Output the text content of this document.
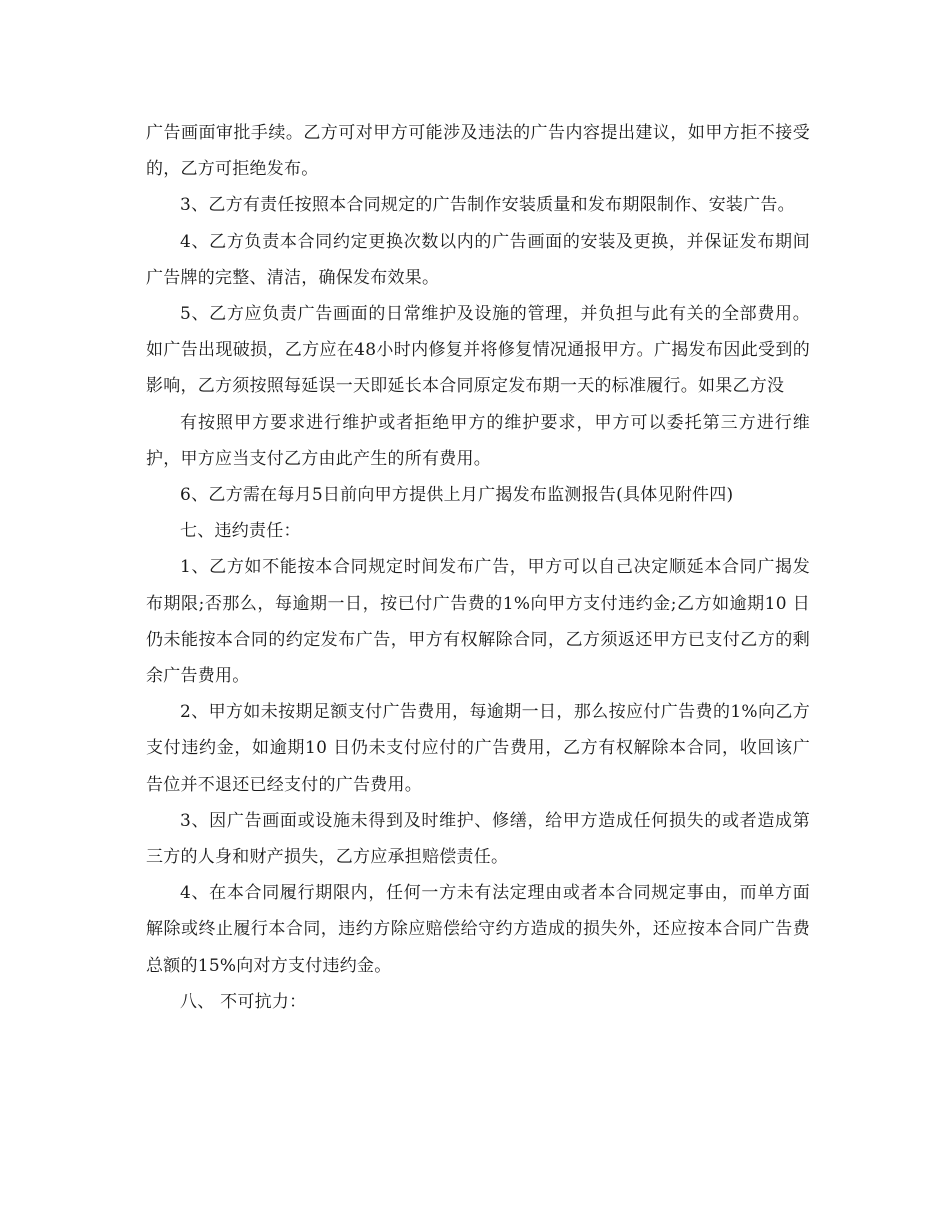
广告画面审批手续。乙方可对甲方可能涉及违法的广告内容提出建议，如甲方拒不接受的，乙方可拒绝发布。

3、乙方有责任按照本合同规定的广告制作安装质量和发布期限制作、安装广告。

4、乙方负责本合同约定更换次数以内的广告画面的安装及更换，并保证发布期间广告牌的完整、清洁，确保发布效果。

5、乙方应负责广告画面的日常维护及设施的管理，并负担与此有关的全部费用。如广告出现破损，乙方应在48小时内修复并将修复情况通报甲方。广揭发布因此受到的影响，乙方须按照每延误一天即延长本合同原定发布期一天的标准履行。如果乙方没

有按照甲方要求进行维护或者拒绝甲方的维护要求，甲方可以委托第三方进行维护，甲方应当支付乙方由此产生的所有费用。

6、乙方需在每月5日前向甲方提供上月广揭发布监测报告(具体见附件四)

七、违约责任：

1、乙方如不能按本合同规定时间发布广告，甲方可以自己决定顺延本合同广揭发布期限;否那么，每逾期一日，按已付广告费的1%向甲方支付违约金;乙方如逾期10 日仍未能按本合同的约定发布广告，甲方有权解除合同，乙方须返还甲方已支付乙方的剩余广告费用。

2、甲方如未按期足额支付广告费用，每逾期一日，那么按应付广告费的1%向乙方支付违约金，如逾期10 日仍未支付应付的广告费用，乙方有权解除本合同，收回该广告位并不退还已经支付的广告费用。

3、因广告画面或设施未得到及时维护、修缮，给甲方造成任何损失的或者造成第三方的人身和财产损失，乙方应承担赔偿责任。

4、在本合同履行期限内，任何一方未有法定理由或者本合同规定事由，而单方面解除或终止履行本合同，违约方除应赔偿给守约方造成的损失外，还应按本合同广告费总额的15%向对方支付违约金。

八、 不可抗力：
